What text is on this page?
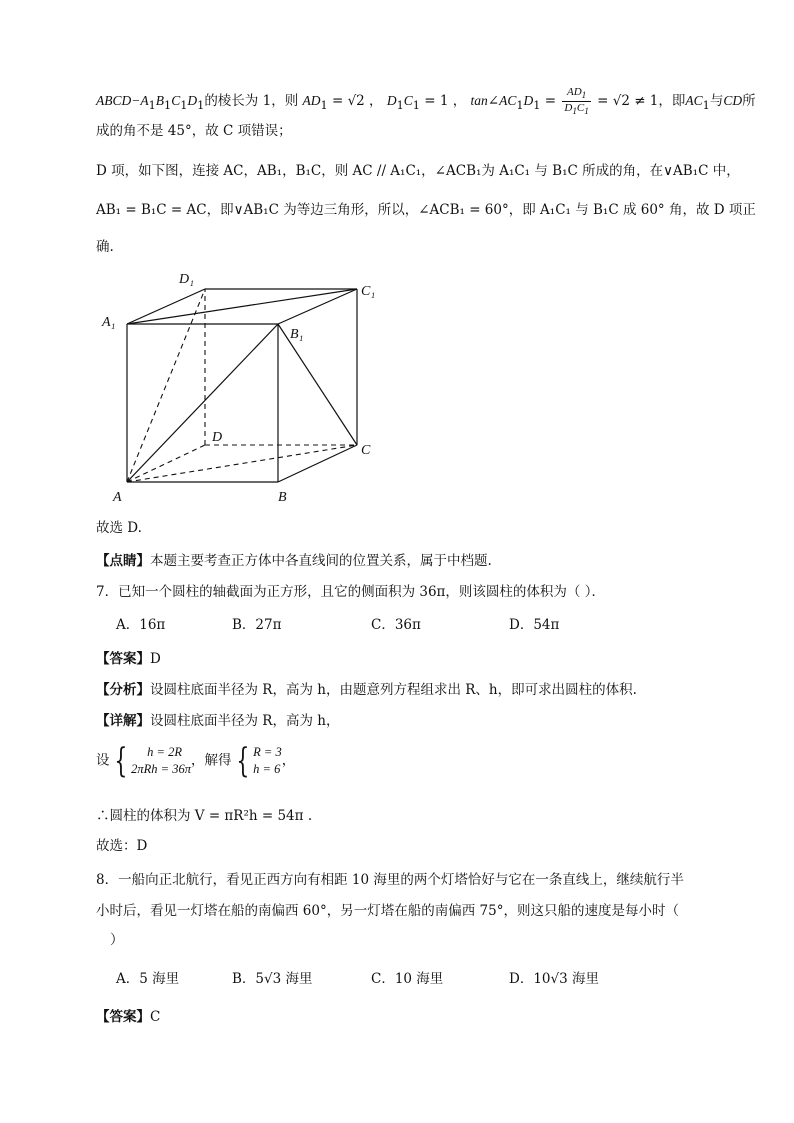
$ABCD-A_1B_1C_1D_1$的棱长为 1，则 $AD_1 = √2$ ， $D_1C_1 = 1$ ， $\tan\angle AC_1D_1 = \frac{AD_1}{D_1C_1} = √2 \ne 1$，即$AC_1$与CD所
成的角不是 45°，故 C 项错误；
D 项，如下图，连接 AC，AB₁，B₁C，则 AC // A₁C₁，∠ACB₁为 A₁C₁ 与 B₁C 所成的角，在∨AB₁C 中，
AB₁ = B₁C = AC，即∨AB₁C 为等边三角形，所以，∠ACB₁ = 60°，即 A₁C₁ 与 B₁C 成 60° 角，故 D 项正
确.
A	B
C
D
A₁
B₁
C₁
D₁
故选 D.
【点睛】本题主要考查正方体中各直线间的位置关系，属于中档题.
7．已知一个圆柱的轴截面为正方形，且它的侧面积为 36π，则该圆柱的体积为（ ）．
A．16π	B．27π	C．36π	D．54π
【答案】D
【分析】设圆柱底面半径为 R，高为 h，由题意列方程组求出 R、h，即可求出圆柱的体积.
【详解】设圆柱底面半径为 R，高为 h，
设 {	h = 2R
2πRh = 36π
，解得 { R = 3
h = 6
，
∴圆柱的体积为 V = πR²h = 54π .
故选：D
8．一船向正北航行，看见正西方向有相距 10 海里的两个灯塔恰好与它在一条直线上，继续航行半
小时后，看见一灯塔在船的南偏西 60°，另一灯塔在船的南偏西 75°，则这只船的速度是每小时（
）
A．5 海里	B．5√3 海里	C．10 海里	D．10√3 海里
【答案】C
